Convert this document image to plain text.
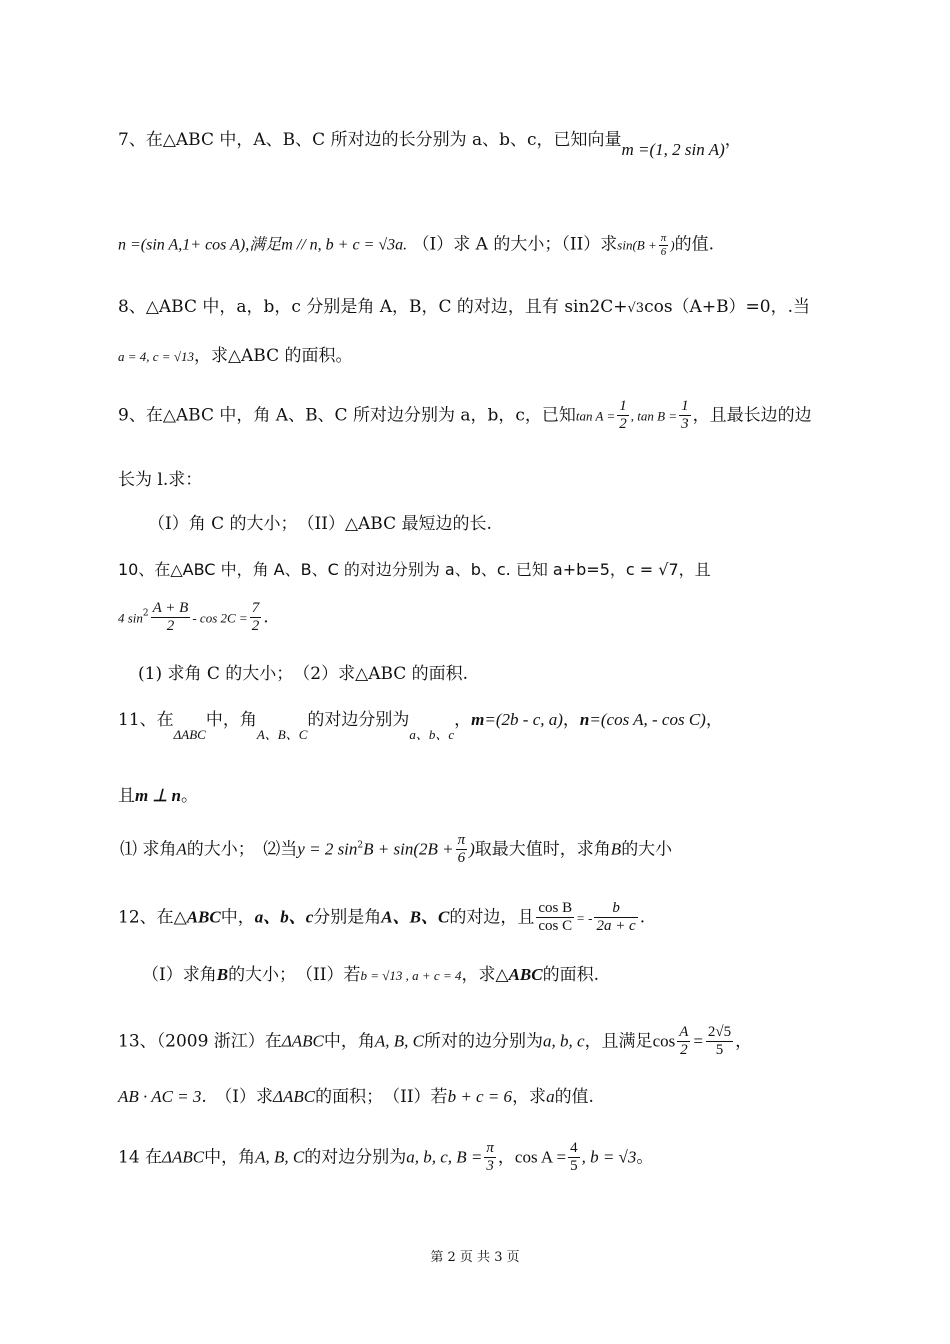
7、在△ABC 中，A、B、C 所对边的长分别为 a、b、c，已知向量m =(1, 2 sin A)，
n =(sin A,1+ cos A),满足m // n, b + c = √3a. （I）求 A 的大小；（II）求$\sin(B + \frac{\pi}{6}$ )的值.
8、△ABC 中，a，b，c 分别是角 A，B，C 的对边，且有 sin2C+√3cos（A+B）=0，.当
a = 4, c = √13，求△ABC 的面积。
9、在△ABC 中，角 A、B、C 所对边分别为 a，b，c，已知$\tan A = \frac{1}{2}$ , $\tan B = \frac{1}{3}$ ，且最长边的边
长为 l.求：
（I）角 C 的大小；　（II）△ABC 最短边的长.
10、在△ABC 中，角 A、B、C 的对边分别为 a、b、c. 已知 a+b=5，c = √7，且
4 $\sin^2 \frac{A + B}{2} - \cos 2C = \frac{7}{2}$ .
(1) 求角 C 的大小；　（2）求△ABC 的面积.
11、在$_{\Delta ABC}$中，角$_{A、B、C}$的对边分别为$_{a、b、c}$，m=(2b - c, a)，n=(cos A, - cos C)，
且m ⊥ n。
⑴ 求角A的大小；　⑵当y = 2 $\sin^2B + \sin(2B + \frac{\pi}{6}$ )取最大值时，求角B的大小
12、在△ABC中，a、b、c分别是角A、B、C的对边，且 $\frac{\text{cos B}}{\text{cos C}}$ = - $\frac{b}{2a + c}$ .
（I）求角B的大小；　（II）若b = √13 , a + c = 4，求△ABC的面积.
13、（2009 浙江）在ΔABC中，角A, B, C所对的边分别为a, b, c，且满足$\cos \frac{A}{2} = \frac{2√5}{5}$ ，
AB · AC = 3.　（I）求ΔABC的面积；　（II）若b + c = 6，求a的值.
14 在ΔABC中，角A, B, C的对边分别为a, b, c, $B = \frac{\pi}{3}$ ，$\cos A = \frac{4}{5}$ , b = √3。
第 2 页 共 3 页
